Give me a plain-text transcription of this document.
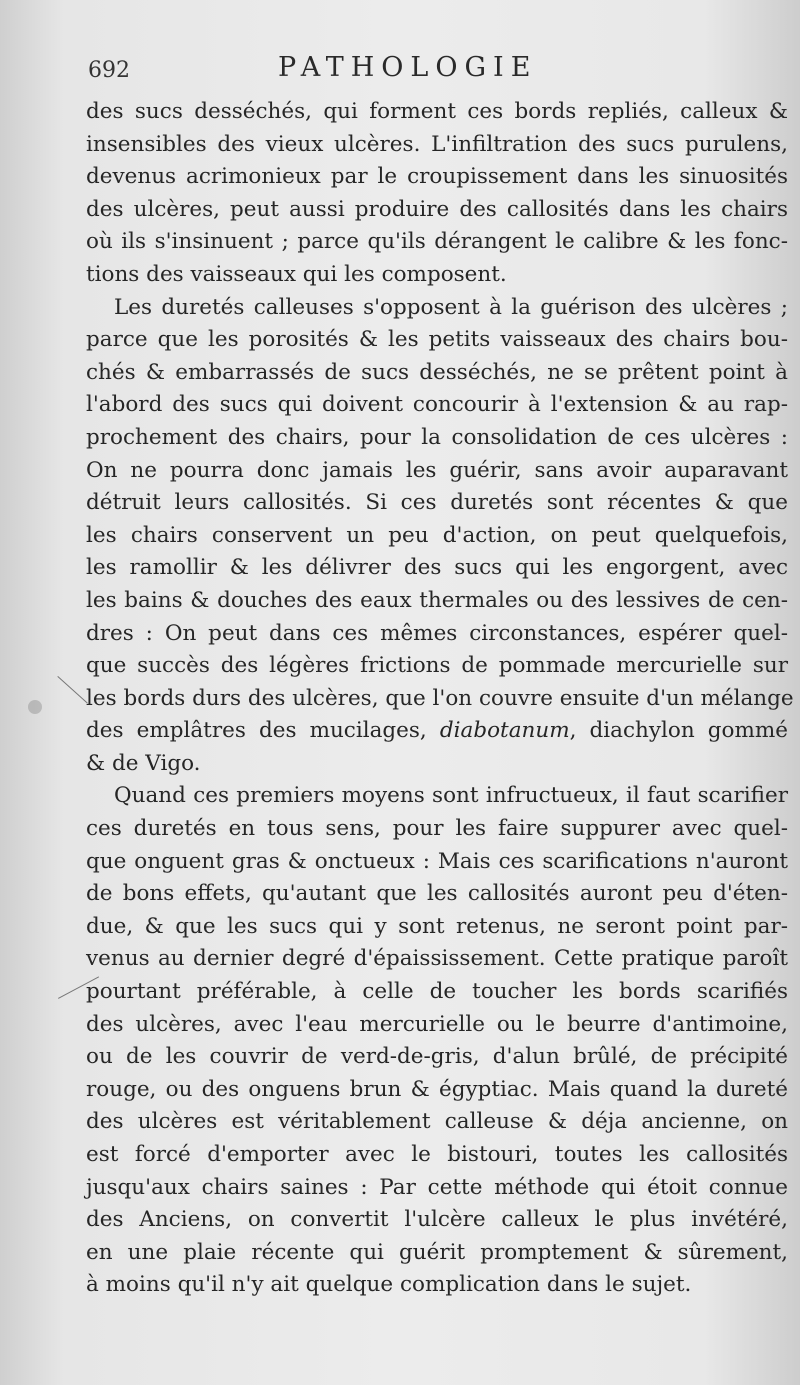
692	PATHOLOGIE
des sucs desséchés, qui forment ces bords repliés, calleux &
insensibles des vieux ulcères. L'infiltration des sucs purulens,
devenus acrimonieux par le croupissement dans les sinuosités
des ulcères, peut aussi produire des callosités dans les chairs
où ils s'insinuent ; parce qu'ils dérangent le calibre & les fonc-
tions des vaisseaux qui les composent.
Les duretés calleuses s'opposent à la guérison des ulcères ;
parce que les porosités & les petits vaisseaux des chairs bou-
chés & embarrassés de sucs desséchés, ne se prêtent point à
l'abord des sucs qui doivent concourir à l'extension & au rap-
prochement des chairs, pour la consolidation de ces ulcères :
On ne pourra donc jamais les guérir, sans avoir auparavant
détruit leurs callosités. Si ces duretés sont récentes & que
les chairs conservent un peu d'action, on peut quelquefois,
les ramollir & les délivrer des sucs qui les engorgent, avec
les bains & douches des eaux thermales ou des lessives de cen-
dres : On peut dans ces mêmes circonstances, espérer quel-
que succès des légères frictions de pommade mercurielle sur
les bords durs des ulcères, que l'on couvre ensuite d'un mélange
des emplâtres des mucilages, diabotanum, diachylon gommé
& de Vigo.
Quand ces premiers moyens sont infructueux, il faut scarifier
ces duretés en tous sens, pour les faire suppurer avec quel-
que onguent gras & onctueux : Mais ces scarifications n'auront
de bons effets, qu'autant que les callosités auront peu d'éten-
due, & que les sucs qui y sont retenus, ne seront point par-
venus au dernier degré d'épaississement. Cette pratique paroît
pourtant préférable, à celle de toucher les bords scarifiés
des ulcères, avec l'eau mercurielle ou le beurre d'antimoine,
ou de les couvrir de verd-de-gris, d'alun brûlé, de précipité
rouge, ou des onguens brun & égyptiac. Mais quand la dureté
des ulcères est véritablement calleuse & déja ancienne, on
est forcé d'emporter avec le bistouri, toutes les callosités
jusqu'aux chairs saines : Par cette méthode qui étoit connue
des Anciens, on convertit l'ulcère calleux le plus invétéré,
en une plaie récente qui guérit promptement & sûrement,
à moins qu'il n'y ait quelque complication dans le sujet.
